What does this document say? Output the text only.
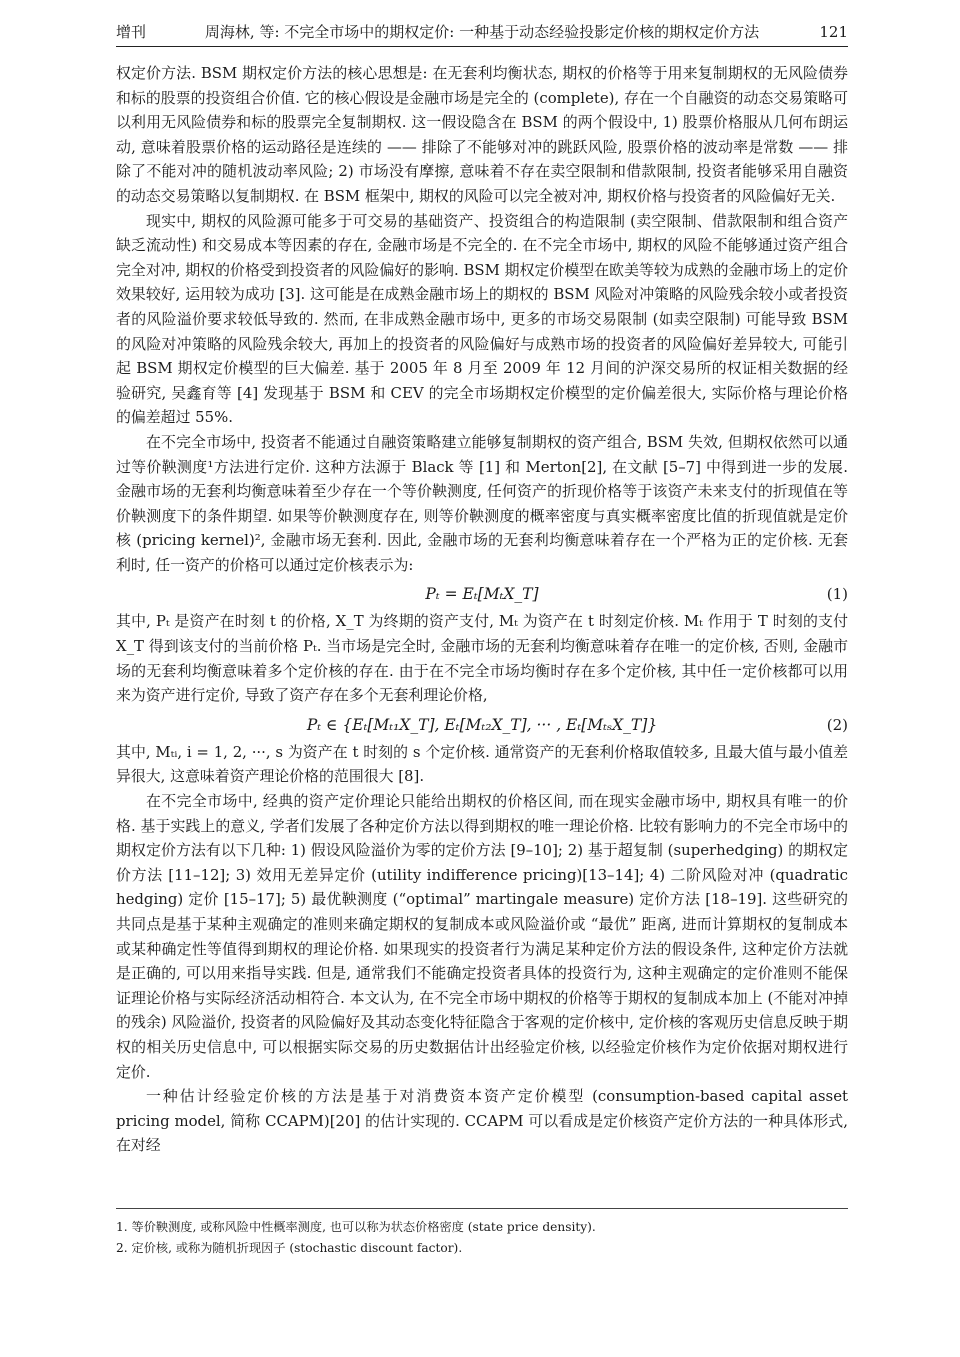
增刊	周海林, 等: 不完全市场中的期权定价: 一种基于动态经验投影定价核的期权定价方法	121

权定价方法. BSM 期权定价方法的核心思想是: 在无套利均衡状态, 期权的价格等于用来复制期权的无风险债券和标的股票的投资组合价值. 它的核心假设是金融市场是完全的 (complete), 存在一个自融资的动态交易策略可以利用无风险债券和标的股票完全复制期权. 这一假设隐含在 BSM 的两个假设中, 1) 股票价格服从几何布朗运动, 意味着股票价格的运动路径是连续的 —— 排除了不能够对冲的跳跃风险, 股票价格的波动率是常数 —— 排除了不能对冲的随机波动率风险; 2) 市场没有摩擦, 意味着不存在卖空限制和借款限制, 投资者能够采用自融资的动态交易策略以复制期权. 在 BSM 框架中, 期权的风险可以完全被对冲, 期权价格与投资者的风险偏好无关.

现实中, 期权的风险源可能多于可交易的基础资产、投资组合的构造限制 (卖空限制、借款限制和组合资产缺乏流动性) 和交易成本等因素的存在, 金融市场是不完全的. 在不完全市场中, 期权的风险不能够通过资产组合完全对冲, 期权的价格受到投资者的风险偏好的影响. BSM 期权定价模型在欧美等较为成熟的金融市场上的定价效果较好, 运用较为成功 [3]. 这可能是在成熟金融市场上的期权的 BSM 风险对冲策略的风险残余较小或者投资者的风险溢价要求较低导致的. 然而, 在非成熟金融市场中, 更多的市场交易限制 (如卖空限制) 可能导致 BSM 的风险对冲策略的风险残余较大, 再加上的投资者的风险偏好与成熟市场的投资者的风险偏好差异较大, 可能引起 BSM 期权定价模型的巨大偏差. 基于 2005 年 8 月至 2009 年 12 月间的沪深交易所的权证相关数据的经验研究, 吴鑫育等 [4] 发现基于 BSM 和 CEV 的完全市场期权定价模型的定价偏差很大, 实际价格与理论价格的偏差超过 55%.

在不完全市场中, 投资者不能通过自融资策略建立能够复制期权的资产组合, BSM 失效, 但期权依然可以通过等价鞅测度¹方法进行定价. 这种方法源于 Black 等 [1] 和 Merton[2], 在文献 [5–7] 中得到进一步的发展. 金融市场的无套利均衡意味着至少存在一个等价鞅测度, 任何资产的折现价格等于该资产未来支付的折现值在等价鞅测度下的条件期望. 如果等价鞅测度存在, 则等价鞅测度的概率密度与真实概率密度比值的折现值就是定价核 (pricing kernel)², 金融市场无套利. 因此, 金融市场的无套利均衡意味着存在一个严格为正的定价核. 无套利时, 任一资产的价格可以通过定价核表示为:

Pₜ = Eₜ[MₜX_T]	(1)

其中, Pₜ 是资产在时刻 t 的价格, X_T 为终期的资产支付, Mₜ 为资产在 t 时刻定价核. Mₜ 作用于 T 时刻的支付 X_T 得到该支付的当前价格 Pₜ. 当市场是完全时, 金融市场的无套利均衡意味着存在唯一的定价核, 否则, 金融市场的无套利均衡意味着多个定价核的存在. 由于在不完全市场均衡时存在多个定价核, 其中任一定价核都可以用来为资产进行定价, 导致了资产存在多个无套利理论价格,

Pₜ ∈ {Eₜ[Mₜ₁X_T], Eₜ[Mₜ₂X_T], ··· , Eₜ[MₜₛX_T]}	(2)

其中, Mₜᵢ, i = 1, 2, ···, s 为资产在 t 时刻的 s 个定价核. 通常资产的无套利价格取值较多, 且最大值与最小值差异很大, 这意味着资产理论价格的范围很大 [8].

在不完全市场中, 经典的资产定价理论只能给出期权的价格区间, 而在现实金融市场中, 期权具有唯一的价格. 基于实践上的意义, 学者们发展了各种定价方法以得到期权的唯一理论价格. 比较有影响力的不完全市场中的期权定价方法有以下几种: 1) 假设风险溢价为零的定价方法 [9–10]; 2) 基于超复制 (superhedging) 的期权定价方法 [11–12]; 3) 效用无差异定价 (utility indifference pricing)[13–14]; 4) 二阶风险对冲 (quadratic hedging) 定价 [15–17]; 5) 最优鞅测度 (“optimal” martingale measure) 定价方法 [18–19]. 这些研究的共同点是基于某种主观确定的准则来确定期权的复制成本或风险溢价或 “最优” 距离, 进而计算期权的复制成本或某种确定性等值得到期权的理论价格. 如果现实的投资者行为满足某种定价方法的假设条件, 这种定价方法就是正确的, 可以用来指导实践. 但是, 通常我们不能确定投资者具体的投资行为, 这种主观确定的定价准则不能保证理论价格与实际经济活动相符合. 本文认为, 在不完全市场中期权的价格等于期权的复制成本加上 (不能对冲掉的残余) 风险溢价, 投资者的风险偏好及其动态变化特征隐含于客观的定价核中, 定价核的客观历史信息反映于期权的相关历史信息中, 可以根据实际交易的历史数据估计出经验定价核, 以经验定价核作为定价依据对期权进行定价.

一种估计经验定价核的方法是基于对消费资本资产定价模型 (consumption-based capital asset pricing model, 简称 CCAPM)[20] 的估计实现的. CCAPM 可以看成是定价核资产定价方法的一种具体形式, 在对经

1. 等价鞅测度, 或称风险中性概率测度, 也可以称为状态价格密度 (state price density).
2. 定价核, 或称为随机折现因子 (stochastic discount factor).
